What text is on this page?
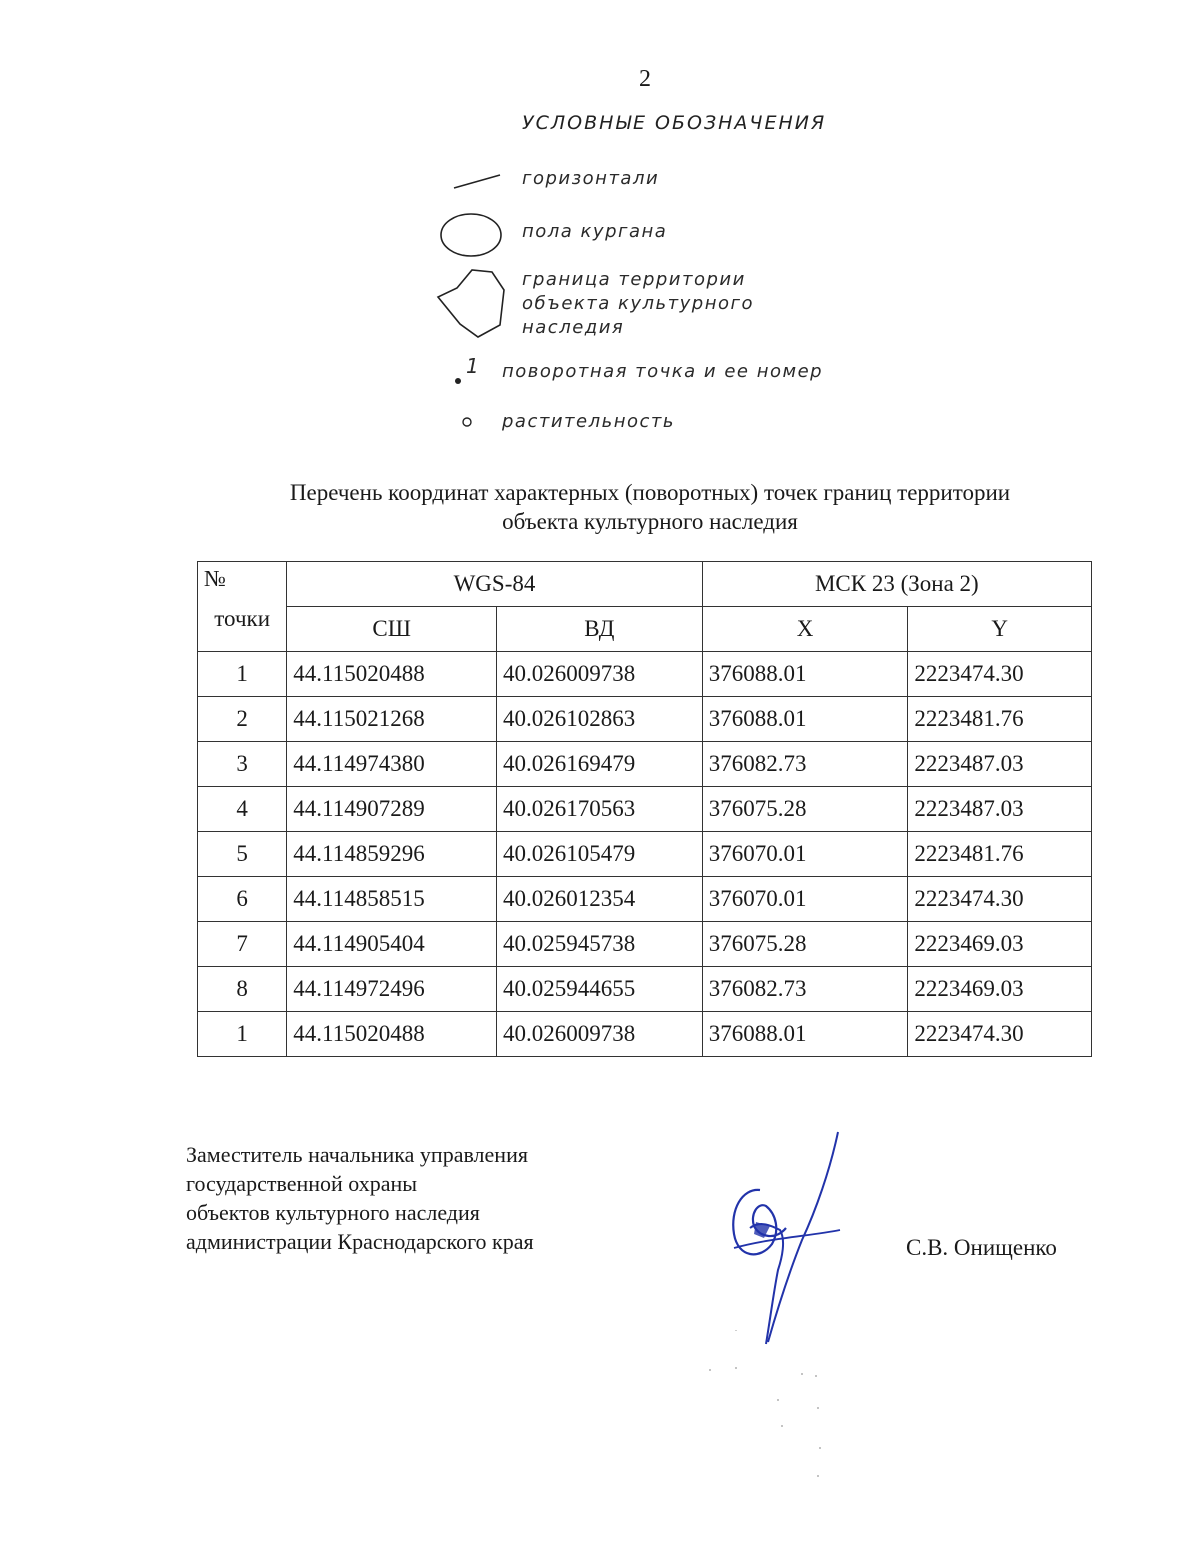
2
УСЛОВНЫЕ ОБОЗНАЧЕНИЯ
горизонтали
пола кургана
граница территории
объекта культурного
наследия
1 поворотная точка и ее номер
растительность
Перечень координат характерных (поворотных) точек границ территории
объекта культурного наследия
№
точки	WGS-84		МСК 23 (Зона 2)	
	СШ	ВД	X	Y
1	44.115020488	40.026009738	376088.01	2223474.30
2	44.115021268	40.026102863	376088.01	2223481.76
3	44.114974380	40.026169479	376082.73	2223487.03
4	44.114907289	40.026170563	376075.28	2223487.03
5	44.114859296	40.026105479	376070.01	2223481.76
6	44.114858515	40.026012354	376070.01	2223474.30
7	44.114905404	40.025945738	376075.28	2223469.03
8	44.114972496	40.025944655	376082.73	2223469.03
1	44.115020488	40.026009738	376088.01	2223474.30
Заместитель начальника управления
государственной охраны
объектов культурного наследия
администрации Краснодарского края	С.В. Онищенко
